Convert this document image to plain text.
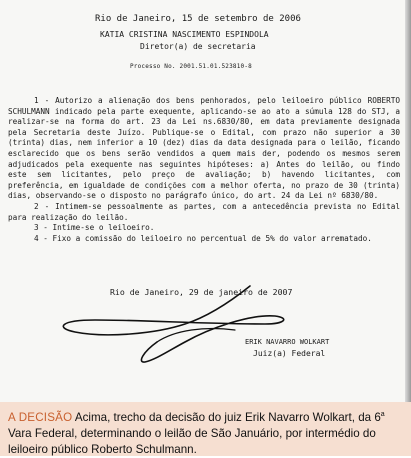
Rio de Janeiro, 15 de setembro de 2006
KATIA CRISTINA NASCIMENTO ESPINDOLA
Diretor(a) de secretaria
Processo No. 2001.51.01.523810-8

1 - Autorizo a alienação dos bens penhorados, pelo leiloeiro público ROBERTO SCHULMANN indicado pela parte exequente, aplicando-se ao ato a súmula 128 do STJ, a realizar-se na forma do art. 23 da Lei ns.6830/80, em data previamente designada pela Secretaria deste Juízo. Publique-se o Edital, com prazo não superior a 30 (trinta) dias, nem inferior a 10 (dez) dias da data designada para o leilão, ficando esclarecido que os bens serão vendidos a quem mais der, podendo os mesmos serem adjudicados pela exequente nas seguintes hipóteses: a) Antes do leilão, ou findo este sem licitantes, pelo preço de avaliação; b) havendo licitantes, com preferência, em igualdade de condições com a melhor oferta, no prazo de 30 (trinta) dias, observando-se o disposto no parágrafo único, do art. 24 da Lei nº 6830/80.

2 - Intimem-se pessoalmente as partes, com a antecedência prevista no Edital para realização do leilão.

3 - Intime-se o leiloeiro.

4 - Fixo a comissão do leiloeiro no percentual de 5% do valor arrematado.

Rio de Janeiro, 29 de janeiro de 2007
ERIK NAVARRO WOLKART
Juiz(a) Federal
A DECISÃO Acima, trecho da decisão do juiz Erik Navarro Wolkart, da 6$^a$ Vara Federal, determinando o leilão de São Januário, por intermédio do leiloeiro público Roberto Schulmann.
